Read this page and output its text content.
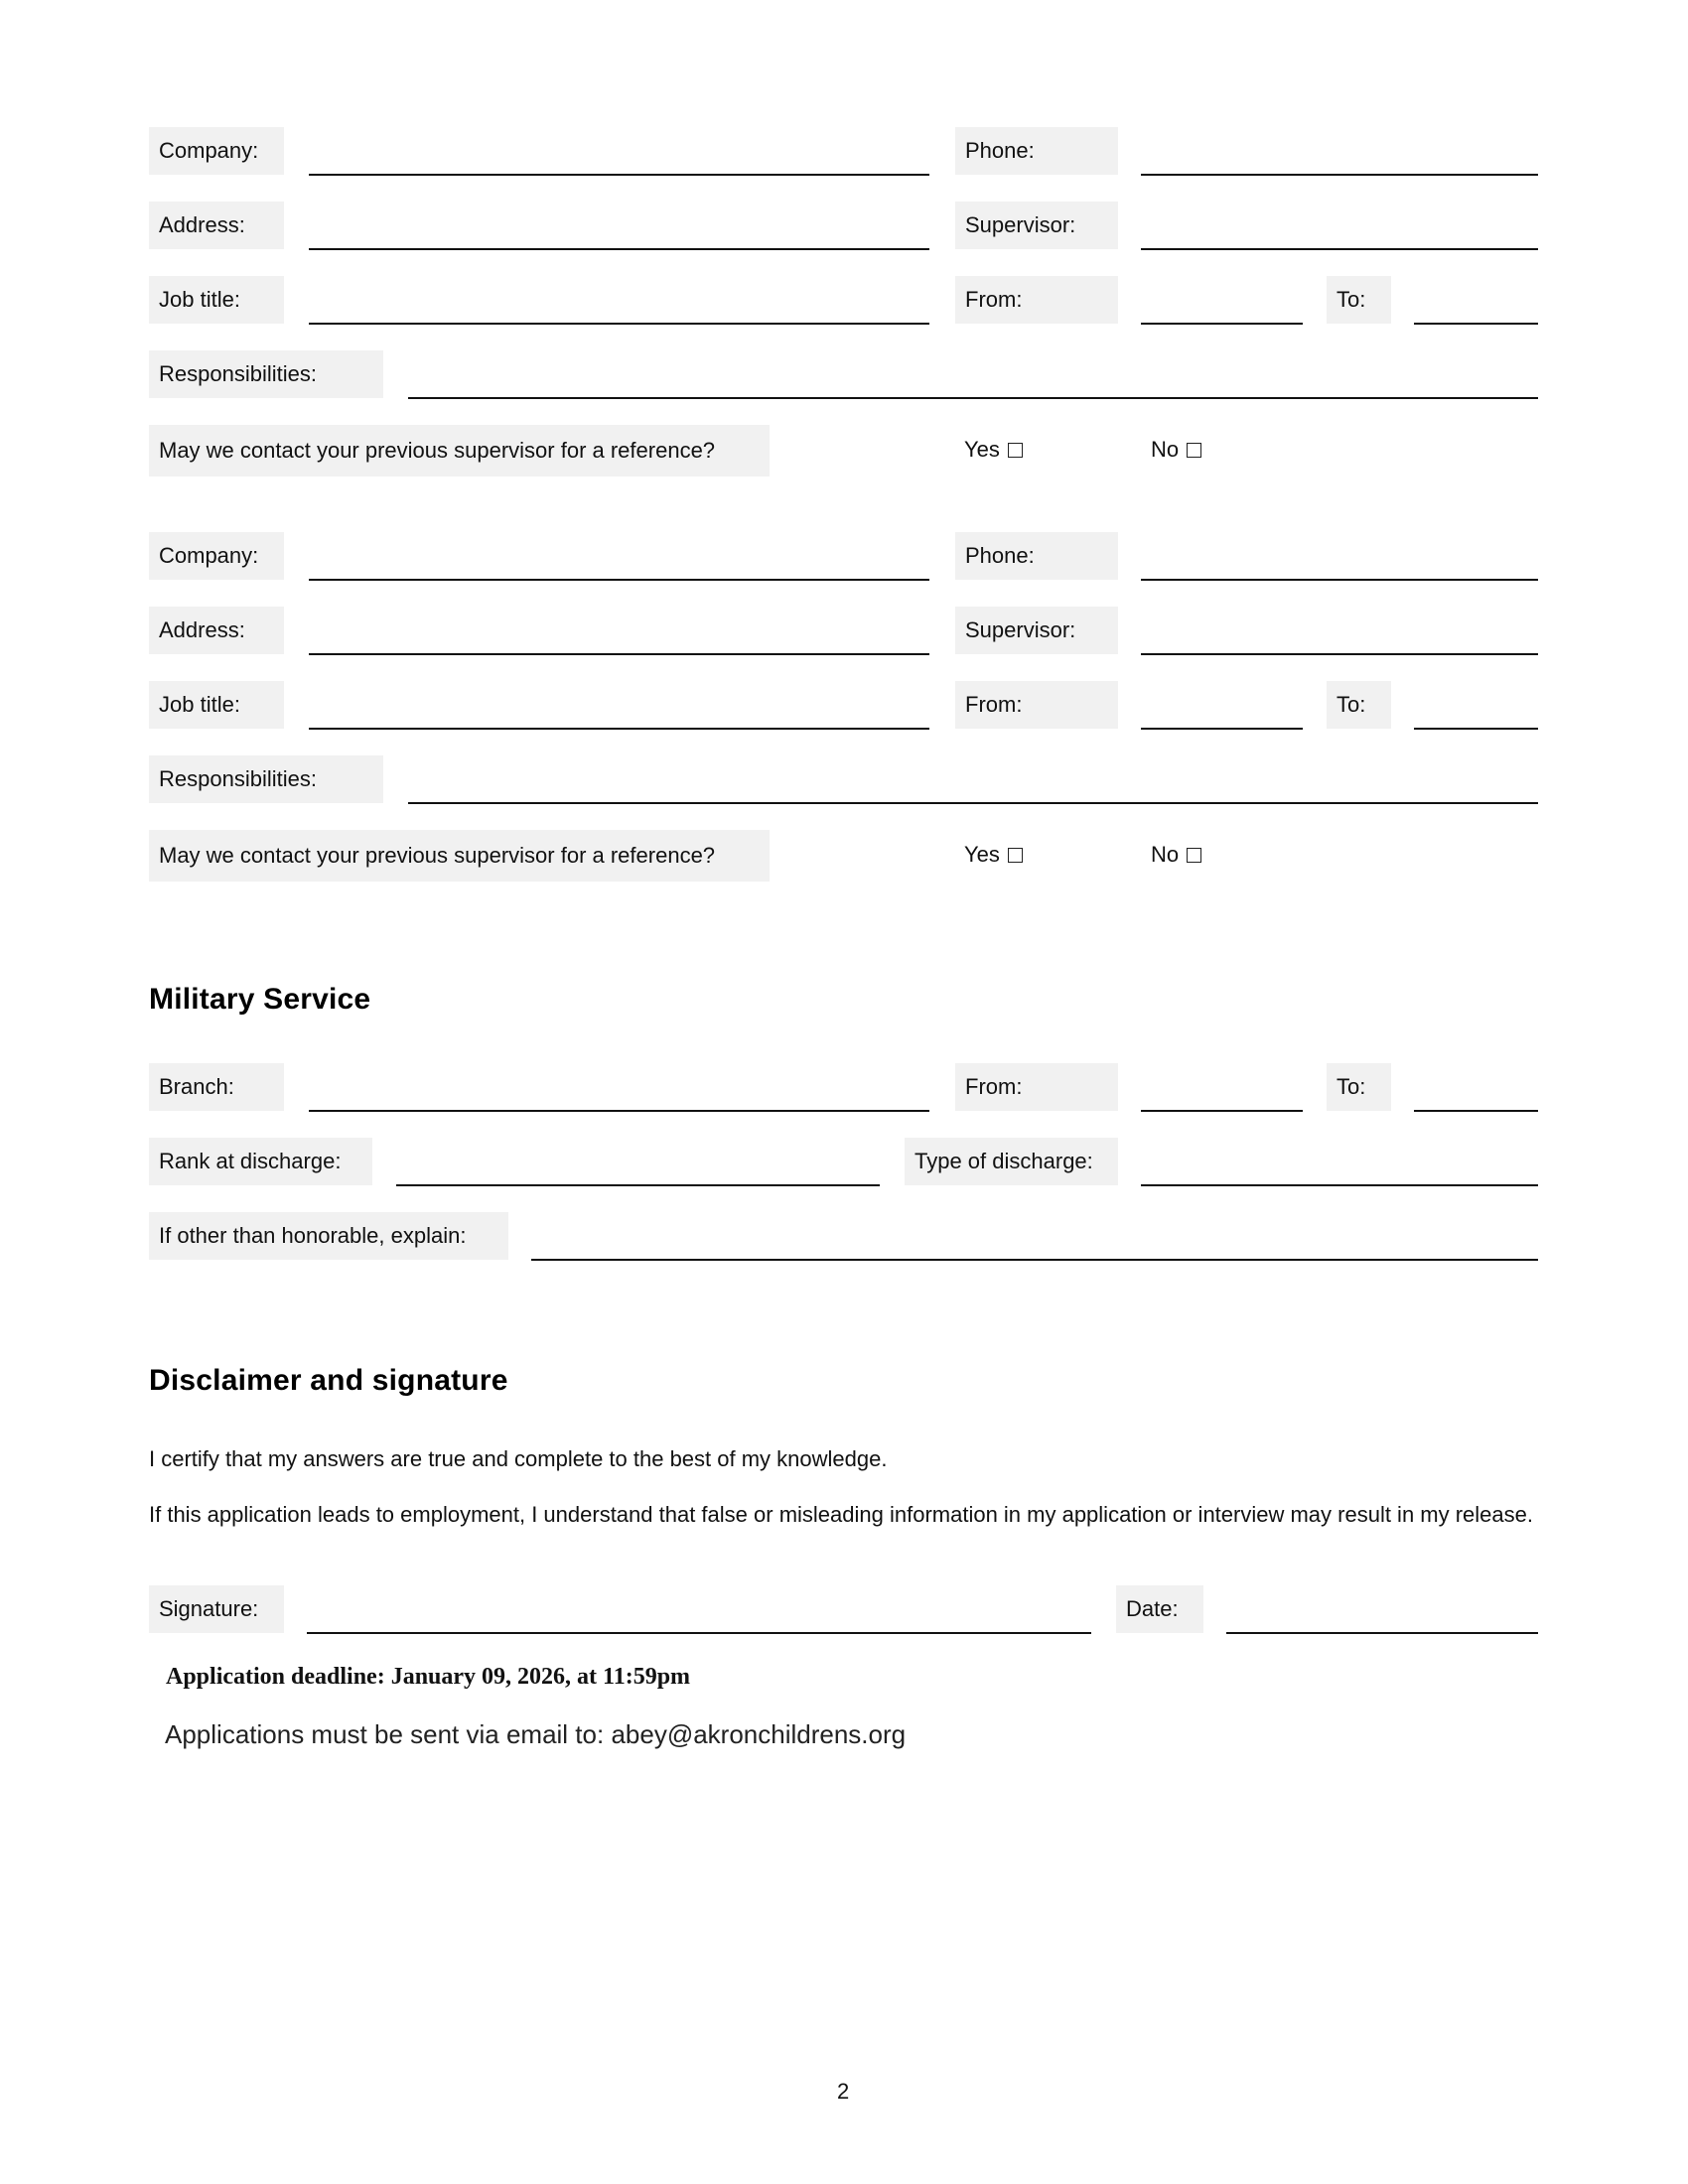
Company:	Phone:
Address:	Supervisor:
Job title:	From:	To:
Responsibilities:
May we contact your previous supervisor for a reference?	Yes	No
Company:	Phone:
Address:	Supervisor:
Job title:	From:	To:
Responsibilities:
May we contact your previous supervisor for a reference?	Yes	No
Military Service
Branch:	From:	To:
Rank at discharge:	Type of discharge:
If other than honorable, explain:
Disclaimer and signature
I certify that my answers are true and complete to the best of my knowledge.
If this application leads to employment, I understand that false or misleading information in my application or interview may result in my release.
Signature:	Date:
Application deadline: January 09, 2026, at 11:59pm
Applications must be sent via email to: abey@akronchildrens.org
2
